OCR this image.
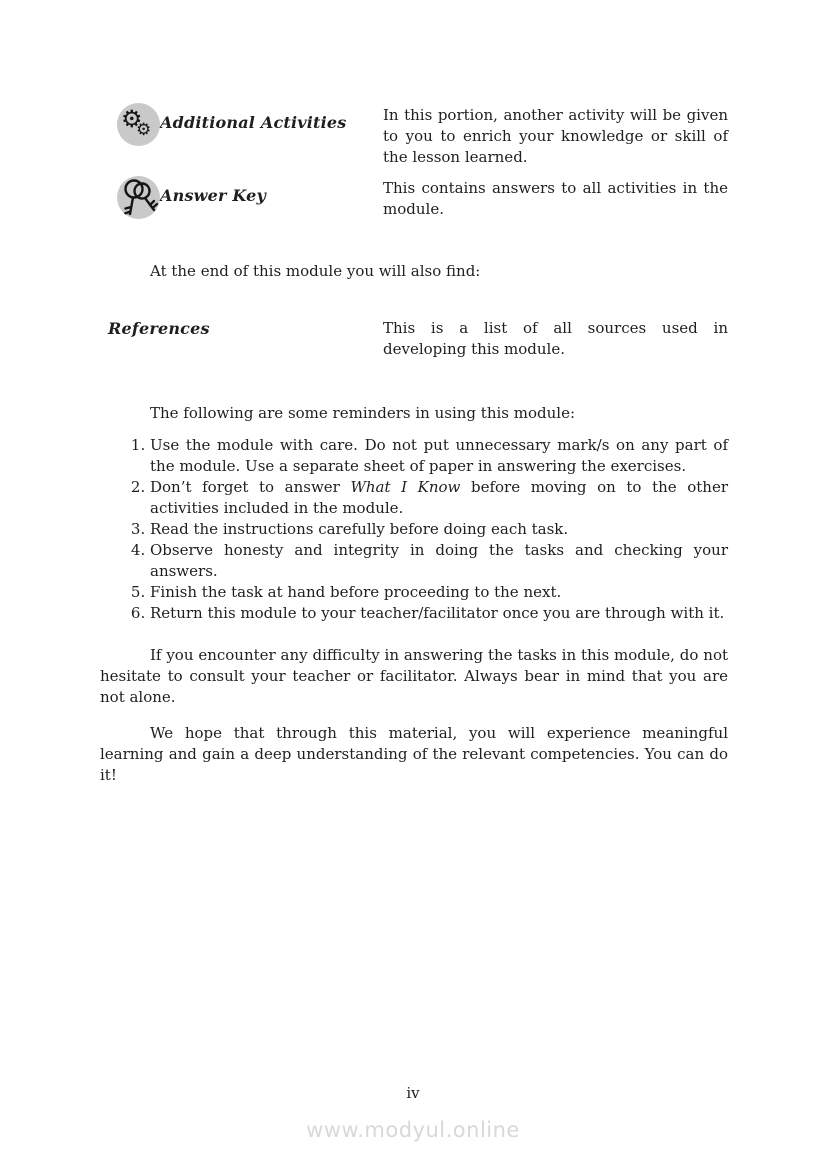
⚙
⚙ Additional Activities	In this portion, another activity will be given to you to enrich your knowledge or skill of the lesson learned.
Answer Key	This contains answers to all activities in the module.
At the end of this module you will also find:
References	This is a list of all sources used in developing this module.
The following are some reminders in using this module:
1. Use the module with care. Do not put unnecessary mark/s on any part of the module. Use a separate sheet of paper in answering the exercises.
2. Don’t forget to answer What I Know before moving on to the other activities included in the module.
3. Read the instructions carefully before doing each task.
4. Observe honesty and integrity in doing the tasks and checking your answers.
5. Finish the task at hand before proceeding to the next.
6. Return this module to your teacher/facilitator once you are through with it.

If you encounter any difficulty in answering the tasks in this module, do not hesitate to consult your teacher or facilitator. Always bear in mind that you are not alone.

We hope that through this material, you will experience meaningful learning and gain a deep understanding of the relevant competencies. You can do it!

iv
www.modyul.online
